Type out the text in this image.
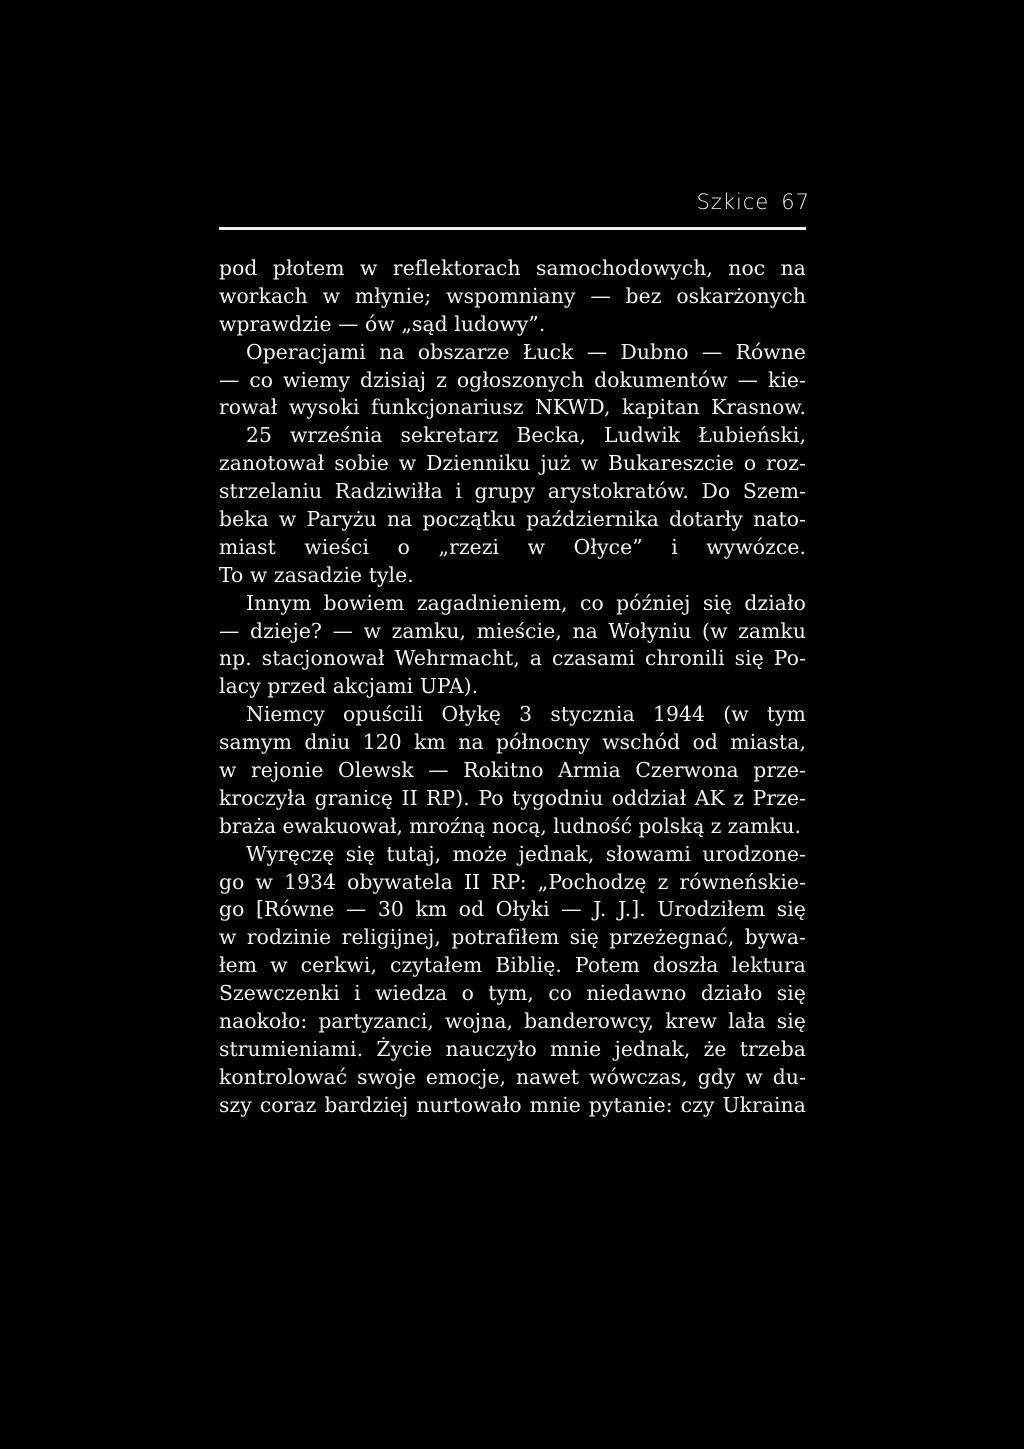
Szkice 67
pod płotem w reflektorach samochodowych, noc na
workach w młynie; wspomniany — bez oskarżonych
wprawdzie — ów „sąd ludowy”.
Operacjami na obszarze Łuck — Dubno — Równe
— co wiemy dzisiaj z ogłoszonych dokumentów — kie-
rował wysoki funkcjonariusz NKWD, kapitan Krasnow.
25 września sekretarz Becka, Ludwik Łubieński,
zanotował sobie w Dzienniku już w Bukareszcie o roz-
strzelaniu Radziwiłła i grupy arystokratów. Do Szem-
beka w Paryżu na początku października dotarły nato-
miast wieści o „rzezi w Ołyce” i wywózce.
To w zasadzie tyle.
Innym bowiem zagadnieniem, co później się działo
— dzieje? — w zamku, mieście, na Wołyniu (w zamku
np. stacjonował Wehrmacht, a czasami chronili się Po-
lacy przed akcjami UPA).
Niemcy opuścili Ołykę 3 stycznia 1944 (w tym
samym dniu 120 km na północny wschód od miasta,
w rejonie Olewsk — Rokitno Armia Czerwona prze-
kroczyła granicę II RP). Po tygodniu oddział AK z Prze-
braża ewakuował, mroźną nocą, ludność polską z zamku.
Wyręczę się tutaj, może jednak, słowami urodzone-
go w 1934 obywatela II RP: „Pochodzę z równeńskie-
go [Równe — 30 km od Ołyki — J. J.]. Urodziłem się
w rodzinie religijnej, potrafiłem się przeżegnać, bywa-
łem w cerkwi, czytałem Biblię. Potem doszła lektura
Szewczenki i wiedza o tym, co niedawno działo się
naokoło: partyzanci, wojna, banderowcy, krew lała się
strumieniami. Życie nauczyło mnie jednak, że trzeba
kontrolować swoje emocje, nawet wówczas, gdy w du-
szy coraz bardziej nurtowało mnie pytanie: czy Ukraina
